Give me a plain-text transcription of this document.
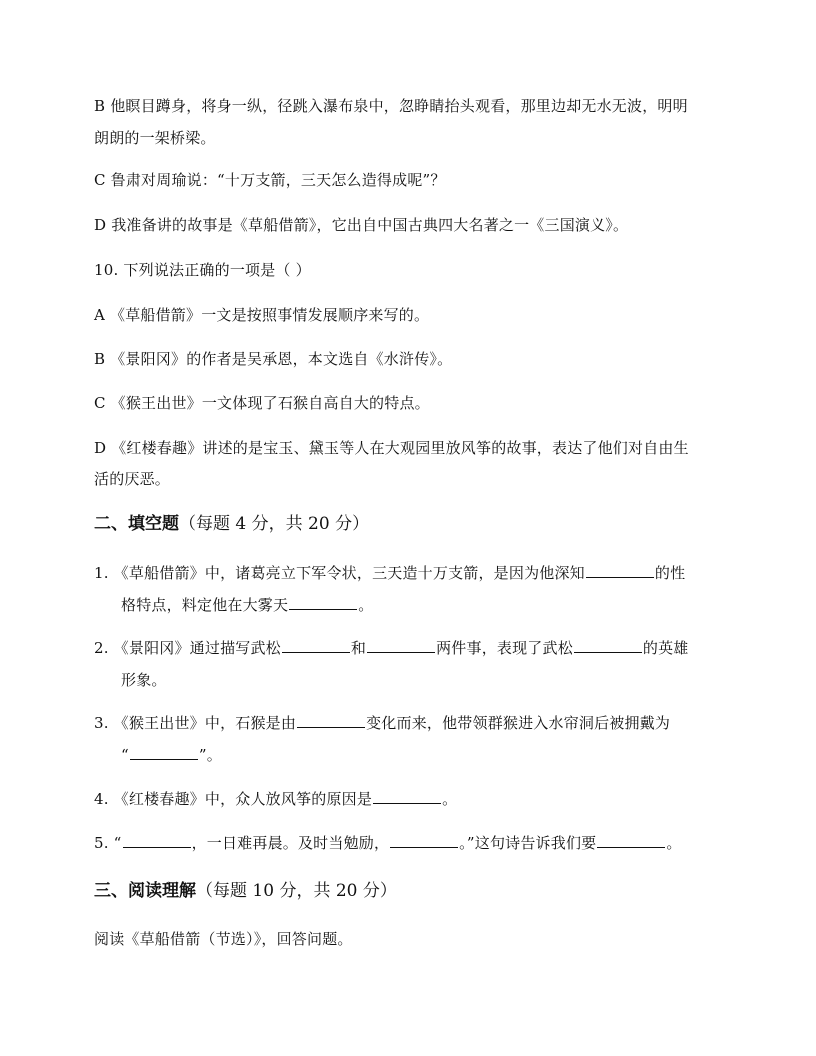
B 他瞑目蹲身，将身一纵，径跳入瀑布泉中，忽睁睛抬头观看，那里边却无水无波，明明
朗朗的一架桥梁。
C 鲁肃对周瑜说：“十万支箭，三天怎么造得成呢”？
D 我准备讲的故事是《草船借箭》，它出自中国古典四大名著之一《三国演义》。
10. 下列说法正确的一项是（ ）
A 《草船借箭》一文是按照事情发展顺序来写的。
B 《景阳冈》的作者是吴承恩，本文选自《水浒传》。
C 《猴王出世》一文体现了石猴自高自大的特点。
D 《红楼春趣》讲述的是宝玉、黛玉等人在大观园里放风筝的故事，表达了他们对自由生
活的厌恶。
二、填空题（每题 4 分，共 20 分）
1. 《草船借箭》中，诸葛亮立下军令状，三天造十万支箭，是因为他深知	的性
格特点，料定他在大雾天	。
2. 《景阳冈》通过描写武松	和	两件事，表现了武松	的英雄
形象。
3. 《猴王出世》中，石猴是由	变化而来，他带领群猴进入水帘洞后被拥戴为
“	”。
4. 《红楼春趣》中，众人放风筝的原因是	。
5. “	，一日难再晨。及时当勉励，	。”这句诗告诉我们要	。
三、阅读理解（每题 10 分，共 20 分）
阅读《草船借箭（节选）》，回答问题。
